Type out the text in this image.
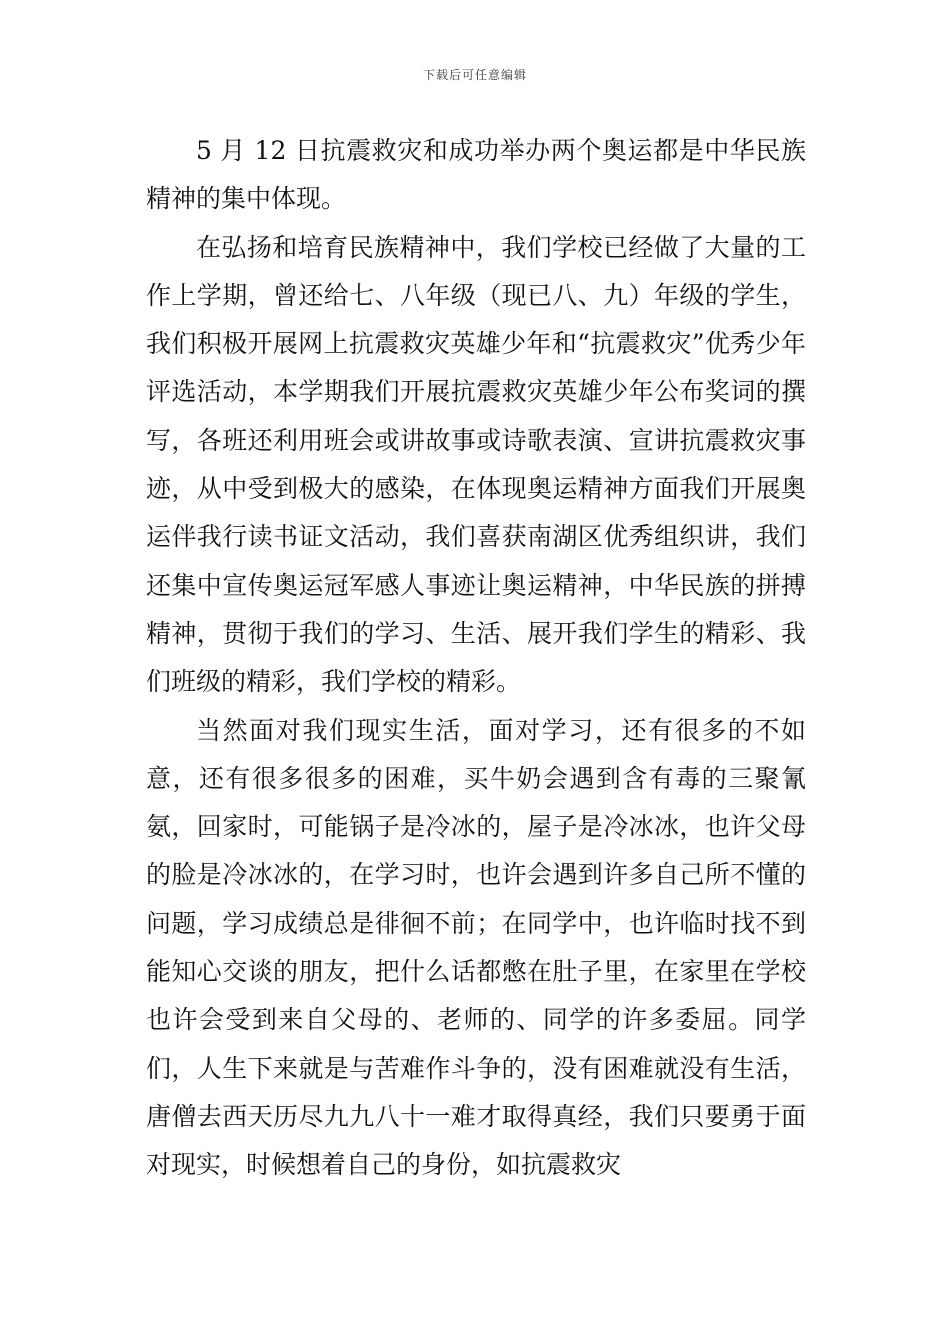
下载后可任意编辑

5 月 12 日抗震救灾和成功举办两个奥运都是中华民族精神的集中体现。

在弘扬和培育民族精神中，我们学校已经做了大量的工作上学期，曾还给七、八年级（现已八、九）年级的学生，我们积极开展网上抗震救灾英雄少年和“抗震救灾”优秀少年评选活动，本学期我们开展抗震救灾英雄少年公布奖词的撰写，各班还利用班会或讲故事或诗歌表演、宣讲抗震救灾事迹，从中受到极大的感染，在体现奥运精神方面我们开展奥运伴我行读书证文活动，我们喜获南湖区优秀组织讲，我们还集中宣传奥运冠军感人事迹让奥运精神，中华民族的拼搏精神，贯彻于我们的学习、生活、展开我们学生的精彩、我们班级的精彩，我们学校的精彩。

当然面对我们现实生活，面对学习，还有很多的不如意，还有很多很多的困难，买牛奶会遇到含有毒的三聚氰氨，回家时，可能锅子是冷冰的，屋子是冷冰冰，也许父母的脸是冷冰冰的，在学习时，也许会遇到许多自己所不懂的问题，学习成绩总是徘徊不前；在同学中，也许临时找不到能知心交谈的朋友，把什么话都憋在肚子里，在家里在学校也许会受到来自父母的、老师的、同学的许多委屈。同学们，人生下来就是与苦难作斗争的，没有困难就没有生活，唐僧去西天历尽九九八十一难才取得真经，我们只要勇于面对现实，时候想着自己的身份，如抗震救灾
